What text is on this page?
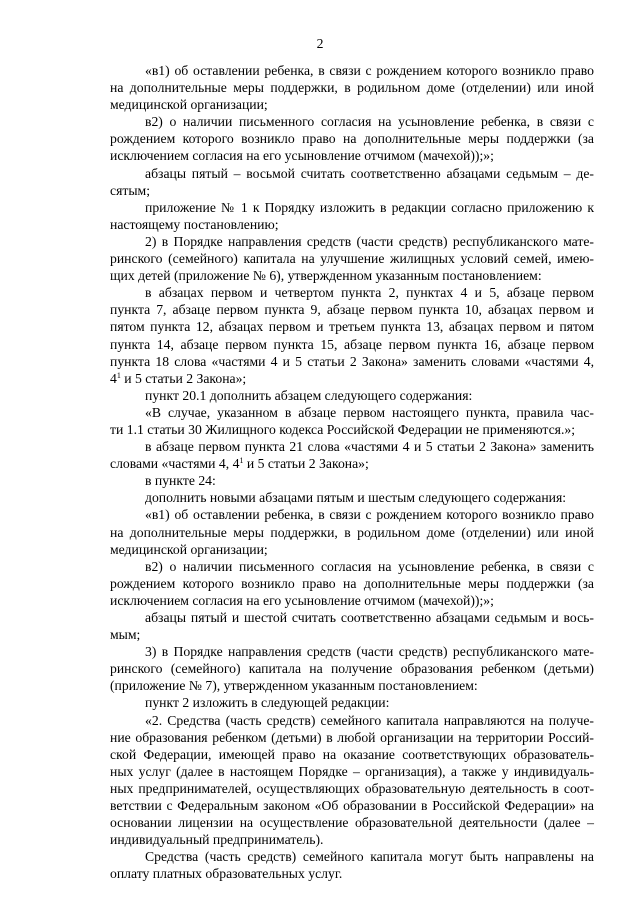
2

«в1) об оставлении ребенка, в связи с рождением которого возникло право

на дополнительные меры поддержки, в родильном доме (отделении) или иной

медицинской организации;

в2) о наличии письменного согласия на усыновление ребенка, в связи с

рождением которого возникло право на дополнительные меры поддержки (за

исключением согласия на его усыновление отчимом (мачехой));»;

абзацы пятый – восьмой считать соответственно абзацами седьмым – де-

сятым;

приложение № 1 к Порядку изложить в редакции согласно приложению к

настоящему постановлению;

2) в Порядке направления средств (части средств) республиканского мате-

ринского (семейного) капитала на улучшение жилищных условий семей, имею-

щих детей (приложение № 6), утвержденном указанным постановлением:

в абзацах первом и четвертом пункта 2, пунктах 4 и 5, абзаце первом

пункта 7, абзаце первом пункта 9, абзаце первом пункта 10, абзацах первом и

пятом пункта 12, абзацах первом и третьем пункта 13, абзацах первом и пятом

пункта 14, абзаце первом пункта 15, абзаце первом пункта 16, абзаце первом

пункта 18 слова «частями 4 и 5 статьи 2 Закона» заменить словами «частями 4,

$4^1$ и 5 статьи 2 Закона»;

пункт 20.1 дополнить абзацем следующего содержания:

«В случае, указанном в абзаце первом настоящего пункта, правила час-

ти 1.1 статьи 30 Жилищного кодекса Российской Федерации не применяются.»;

в абзаце первом пункта 21 слова «частями 4 и 5 статьи 2 Закона» заменить

словами «частями 4, $4^1$ и 5 статьи 2 Закона»;

в пункте 24:

дополнить новыми абзацами пятым и шестым следующего содержания:

«в1) об оставлении ребенка, в связи с рождением которого возникло право

на дополнительные меры поддержки, в родильном доме (отделении) или иной

медицинской организации;

в2) о наличии письменного согласия на усыновление ребенка, в связи с

рождением которого возникло право на дополнительные меры поддержки (за

исключением согласия на его усыновление отчимом (мачехой));»;

абзацы пятый и шестой считать соответственно абзацами седьмым и вось-

мым;

3) в Порядке направления средств (части средств) республиканского мате-

ринского (семейного) капитала на получение образования ребенком (детьми)

(приложение № 7), утвержденном указанным постановлением:

пункт 2 изложить в следующей редакции:

«2. Средства (часть средств) семейного капитала направляются на получе-

ние образования ребенком (детьми) в любой организации на территории Россий-

ской Федерации, имеющей право на оказание соответствующих образователь-

ных услуг (далее в настоящем Порядке – организация), а также у индивидуаль-

ных предпринимателей, осуществляющих образовательную деятельность в соот-

ветствии с Федеральным законом «Об образовании в Российской Федерации» на

основании лицензии на осуществление образовательной деятельности (далее –

индивидуальный предприниматель).

Средства (часть средств) семейного капитала могут быть направлены на

оплату платных образовательных услуг.
